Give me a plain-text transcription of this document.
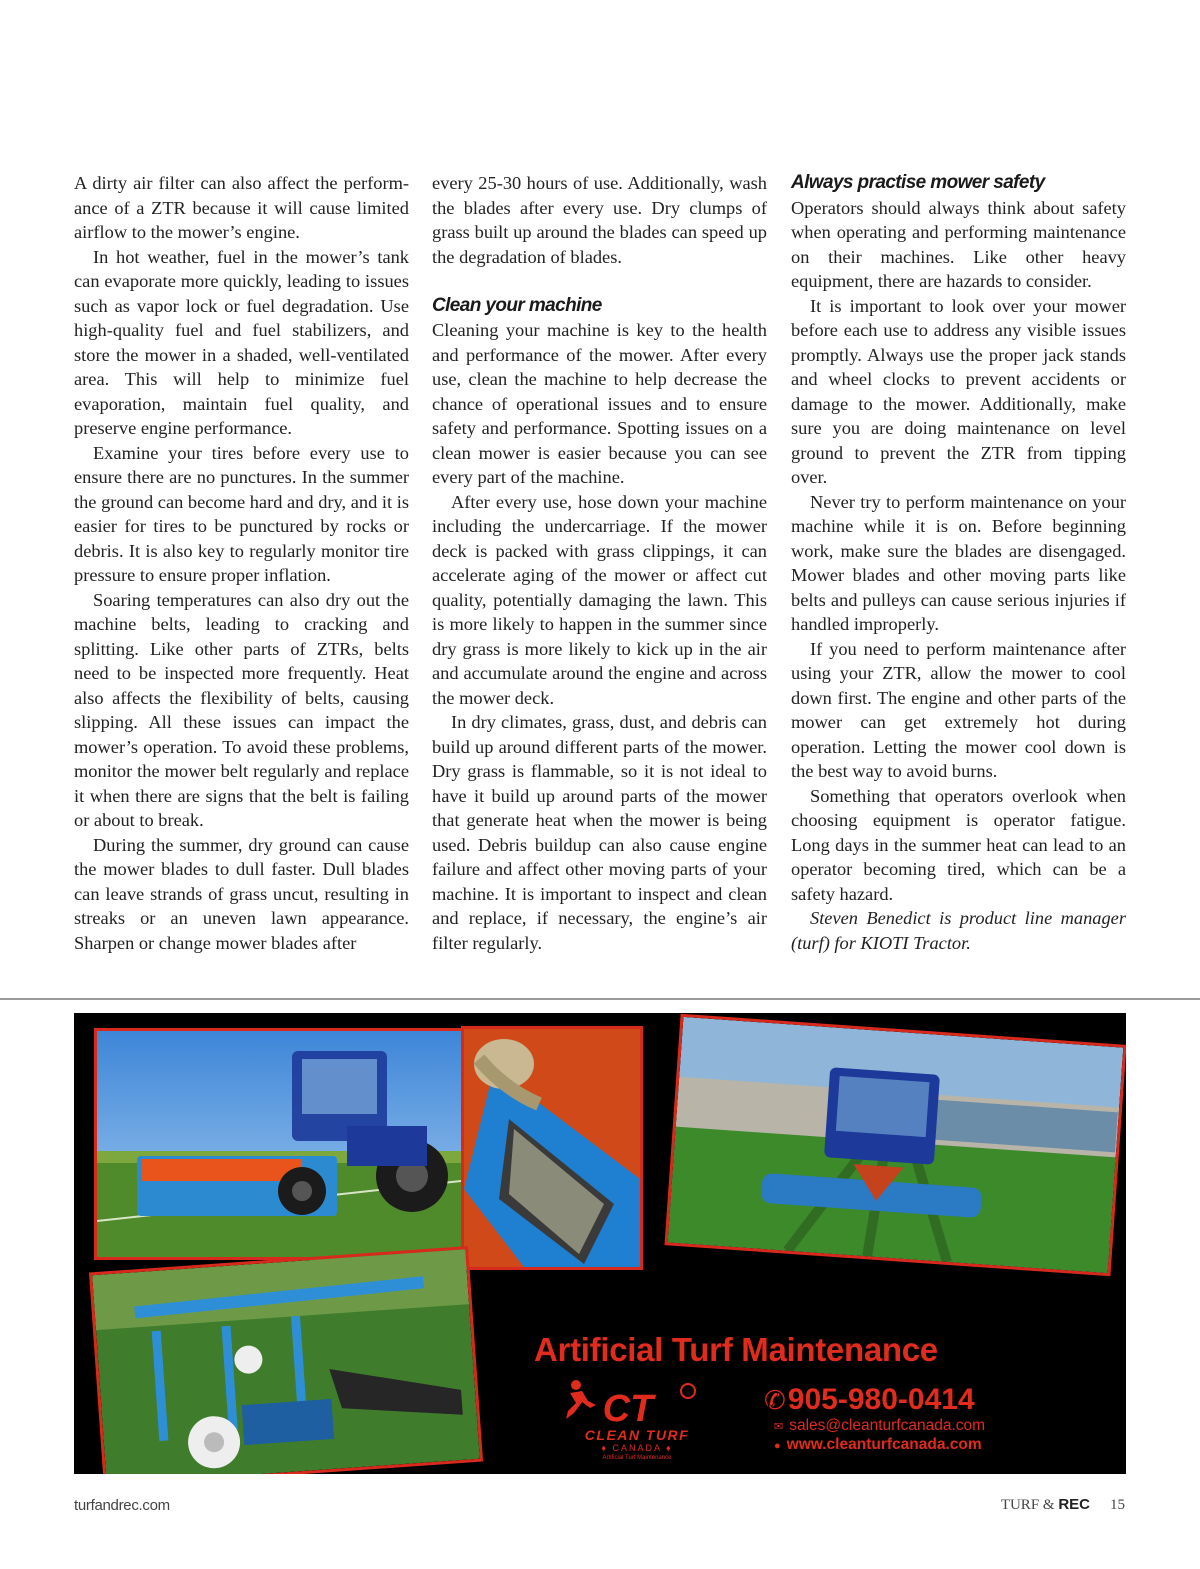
A dirty air filter can also affect the performance of a ZTR because it will cause limited airflow to the mower’s engine.

In hot weather, fuel in the mower’s tank can evaporate more quickly, leading to issues such as vapor lock or fuel degradation. Use high-quality fuel and fuel stabilizers, and store the mower in a shaded, well-ventilated area. This will help to minimize fuel evaporation, maintain fuel quality, and preserve engine performance.

Examine your tires before every use to ensure there are no punctures. In the summer the ground can become hard and dry, and it is easier for tires to be punctured by rocks or debris. It is also key to regularly monitor tire pressure to ensure proper inflation.

Soaring temperatures can also dry out the machine belts, leading to cracking and splitting. Like other parts of ZTRs, belts need to be inspected more frequently. Heat also affects the flexibility of belts, causing slipping. All these issues can impact the mower’s operation. To avoid these problems, monitor the mower belt regularly and replace it when there are signs that the belt is failing or about to break.

During the summer, dry ground can cause the mower blades to dull faster. Dull blades can leave strands of grass uncut, resulting in streaks or an uneven lawn appearance. Sharpen or change mower blades after

every 25-30 hours of use. Additionally, wash the blades after every use. Dry clumps of grass built up around the blades can speed up the degradation of blades.

Clean your machine

Cleaning your machine is key to the health and performance of the mower. After every use, clean the machine to help decrease the chance of operational issues and to ensure safety and performance. Spotting issues on a clean mower is easier because you can see every part of the machine.

After every use, hose down your machine including the undercarriage. If the mower deck is packed with grass clippings, it can accelerate aging of the mower or affect cut quality, potentially damaging the lawn. This is more likely to happen in the summer since dry grass is more likely to kick up in the air and accumulate around the engine and across the mower deck.

In dry climates, grass, dust, and debris can build up around different parts of the mower. Dry grass is flammable, so it is not ideal to have it build up around parts of the mower that generate heat when the mower is being used. Debris buildup can also cause engine failure and affect other moving parts of your machine. It is important to inspect and clean and replace, if necessary, the engine’s air filter regularly.

Always practise mower safety

Operators should always think about safety when operating and performing maintenance on their machines. Like other heavy equipment, there are hazards to consider.

It is important to look over your mower before each use to address any visible issues promptly. Always use the proper jack stands and wheel clocks to prevent accidents or damage to the mower. Additionally, make sure you are doing maintenance on level ground to prevent the ZTR from tipping over.

Never try to perform maintenance on your machine while it is on. Before beginning work, make sure the blades are disengaged. Mower blades and other moving parts like belts and pulleys can cause serious injuries if handled improperly.

If you need to perform maintenance after using your ZTR, allow the mower to cool down first. The engine and other parts of the mower can get extremely hot during operation. Letting the mower cool down is the best way to avoid burns.

Something that operators overlook when choosing equipment is operator fatigue. Long days in the summer heat can lead to an operator becoming tired, which can be a safety hazard.

Steven Benedict is product line manager (turf) for KIOTI Tractor.

Artificial Turf Maintenance
CT
CLEAN TURF
♦ CANADA ♦
Artificial Turf Maintenance
✆905-980-0414
✉ sales@cleanturfcanada.com
● www.cleanturfcanada.com
turfandrec.com	TURF & REC 15
